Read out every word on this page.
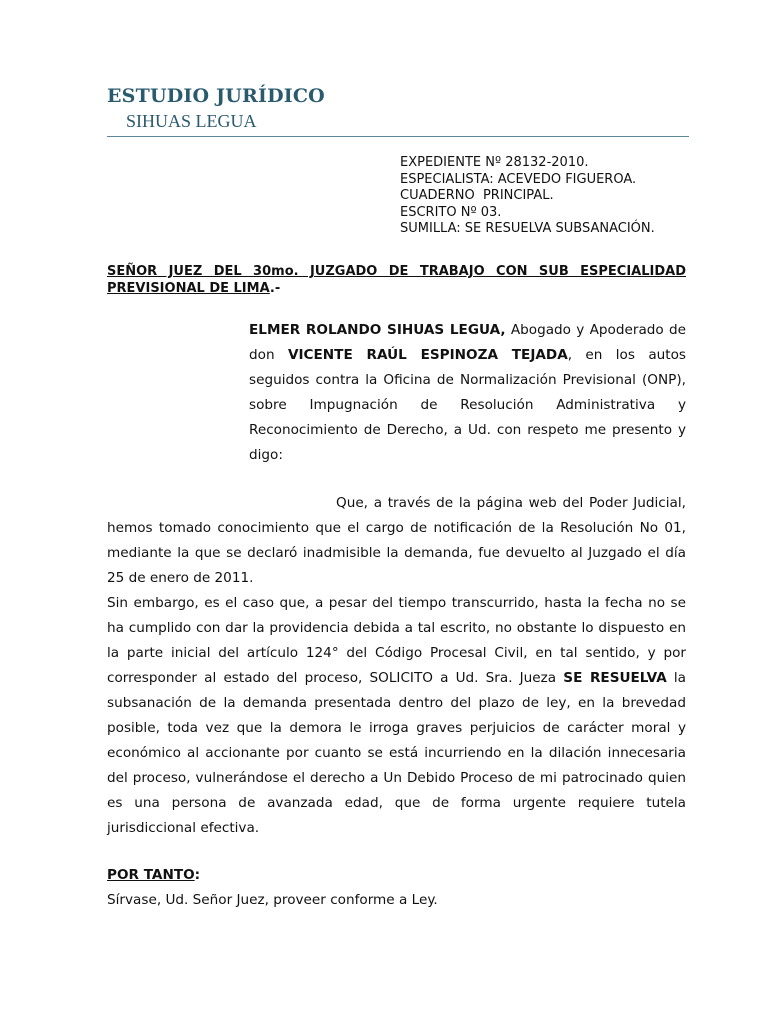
ESTUDIO JURÍDICO
SIHUAS LEGUA
EXPEDIENTE Nº 28132-2010.
ESPECIALISTA: ACEVEDO FIGUEROA.
CUADERNO  PRINCIPAL.
ESCRITO Nº 03.
SUMILLA: SE RESUELVA SUBSANACIÓN.
SEÑOR JUEZ DEL 30mo. JUZGADO DE TRABAJO CON SUB ESPECIALIDAD PREVISIONAL DE LIMA.-
ELMER ROLANDO SIHUAS LEGUA, Abogado y Apoderado de don VICENTE RAÚL ESPINOZA TEJADA, en los autos seguidos contra la Oficina de Normalización Previsional (ONP), sobre Impugnación de Resolución Administrativa y Reconocimiento de Derecho, a Ud. con respeto me presento y digo:

Que, a través de la página web del Poder Judicial, hemos tomado conocimiento que el cargo de notificación de la Resolución No 01, mediante la que se declaró inadmisible la demanda, fue devuelto al Juzgado el día 25 de enero de 2011.

Sin embargo, es el caso que, a pesar del tiempo transcurrido, hasta la fecha no se ha cumplido con dar la providencia debida a tal escrito, no obstante lo dispuesto en la parte inicial del artículo 124° del Código Procesal Civil, en tal sentido, y por corresponder al estado del proceso, SOLICITO a Ud. Sra. Jueza SE RESUELVA la subsanación de la demanda presentada dentro del plazo de ley, en la brevedad posible, toda vez que la demora le irroga graves perjuicios de carácter moral y económico al accionante por cuanto se está incurriendo en la dilación innecesaria del proceso, vulnerándose el derecho a Un Debido Proceso de mi patrocinado quien es una persona de avanzada edad, que de forma urgente requiere tutela jurisdiccional efectiva.

POR TANTO:
Sírvase, Ud. Señor Juez, proveer conforme a Ley.
